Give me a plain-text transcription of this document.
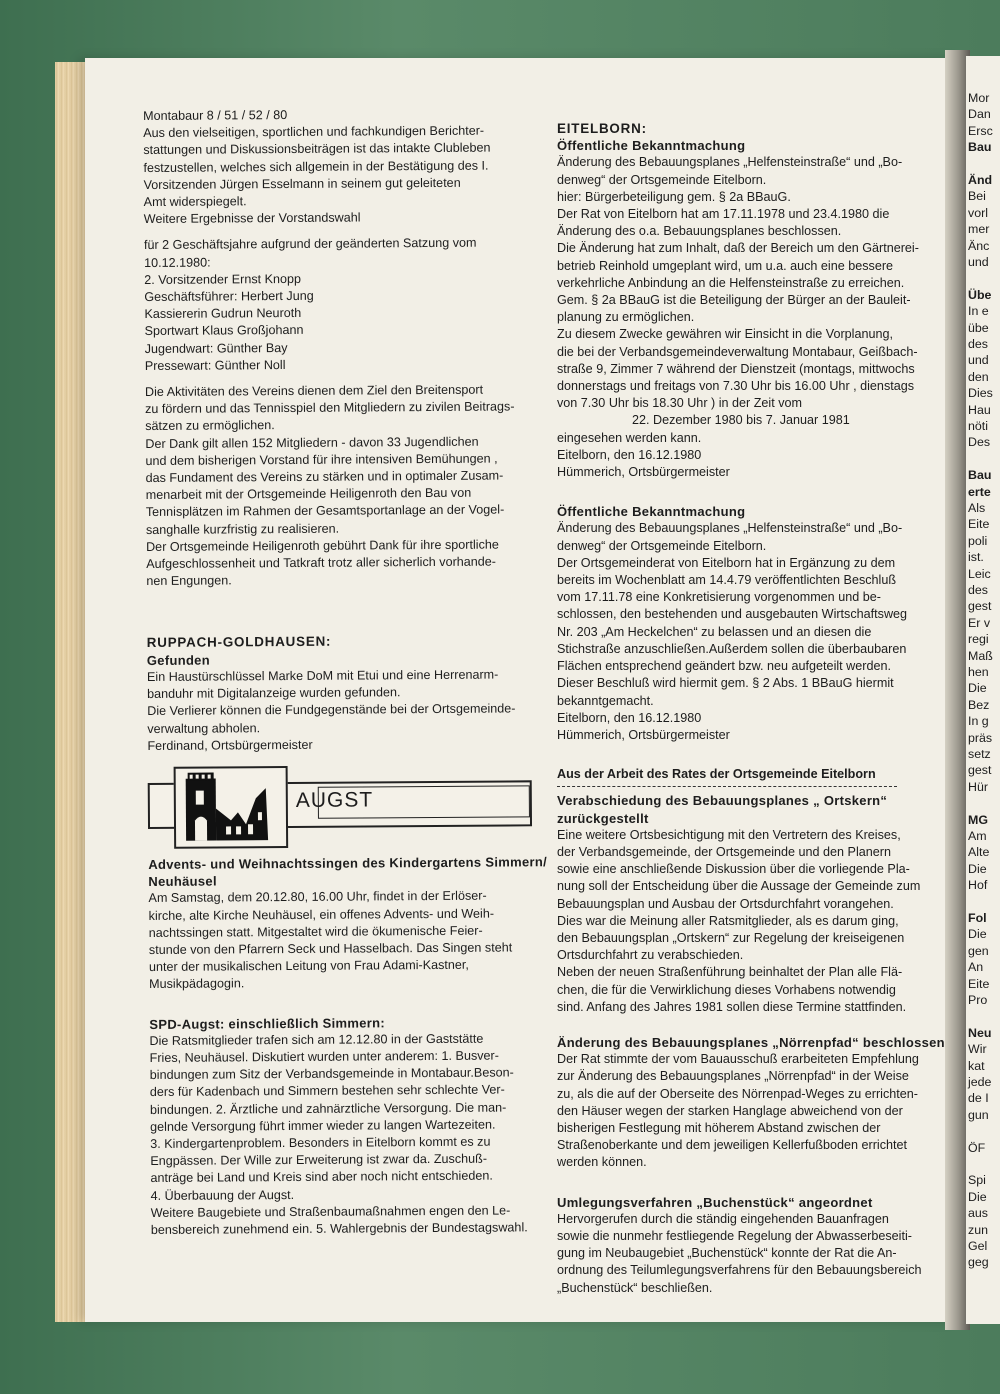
Mor
Dan
Ersc
Bau
Änd
Bei
vorl
mer
Änc
und
Übe
In e
übe
des
und
den
Dies
Hau
nöti
Des
Bau
erte
Als
Eite
poli
ist.
Leic
des
gest
Er v
regi
Maß
hen
Die
Bez
In g
präs
setz
gest
Hür
MG
Am
Alte
Die
Hof
Fol
Die
gen
An
Eite
Pro
Neu
Wir
kat
jede
de I
gun
ÖF
Spi
Die
aus
zun
Gel
geg

Montabaur 8 / 51 / 52 / 80

Aus den vielseitigen, sportlichen und fachkundigen Berichter-

stattungen und Diskussionsbeiträgen ist das intakte Clubleben

festzustellen, welches sich allgemein in der Bestätigung des I.

Vorsitzenden Jürgen Esselmann in seinem gut geleiteten

Amt widerspiegelt.

Weitere Ergebnisse der Vorstandswahl

für 2 Geschäftsjahre aufgrund der geänderten Satzung vom

10.12.1980:

2. Vorsitzender Ernst Knopp

Geschäftsführer: Herbert Jung

Kassiererin Gudrun Neuroth

Sportwart Klaus Großjohann

Jugendwart: Günther Bay

Pressewart: Günther Noll

Die Aktivitäten des Vereins dienen dem Ziel den Breitensport

zu fördern und das Tennisspiel den Mitgliedern zu zivilen Beitrags-

sätzen zu ermöglichen.

Der Dank gilt allen 152 Mitgliedern - davon 33 Jugendlichen

und dem bisherigen Vorstand für ihre intensiven Bemühungen ,

das Fundament des Vereins zu stärken und in optimaler Zusam-

menarbeit mit der Ortsgemeinde Heiligenroth den Bau von

Tennisplätzen im Rahmen der Gesamtsportanlage an der Vogel-

sanghalle kurzfristig zu realisieren.

Der Ortsgemeinde Heiligenroth gebührt Dank für ihre sportliche

Aufgeschlossenheit und Tatkraft trotz aller sicherlich vorhande-

nen Engungen.

RUPPACH-GOLDHAUSEN:

Gefunden

Ein Haustürschlüssel Marke DoM mit Etui und eine Herrenarm-

banduhr mit Digitalanzeige wurden gefunden.

Die Verlierer können die Fundgegenstände bei der Ortsgemeinde-

verwaltung abholen.

Ferdinand, Ortsbürgermeister

AUGST

Advents- und Weihnachtssingen des Kindergartens Simmern/

Neuhäusel

Am Samstag, dem 20.12.80, 16.00 Uhr, findet in der Erlöser-

kirche, alte Kirche Neuhäusel, ein offenes Advents- und Weih-

nachtssingen statt. Mitgestaltet wird die ökumenische Feier-

stunde von den Pfarrern Seck und Hasselbach. Das Singen steht

unter der musikalischen Leitung von Frau Adami-Kastner,

Musikpädagogin.

SPD-Augst: einschließlich Simmern:

Die Ratsmitglieder trafen sich am 12.12.80 in der Gaststätte

Fries, Neuhäusel. Diskutiert wurden unter anderem: 1. Busver-

bindungen zum Sitz der Verbandsgemeinde in Montabaur.Beson-

ders für Kadenbach und Simmern bestehen sehr schlechte Ver-

bindungen. 2. Ärztliche und zahnärztliche Versorgung. Die man-

gelnde Versorgung führt immer wieder zu langen Wartezeiten.

3. Kindergartenproblem. Besonders in Eitelborn kommt es zu

Engpässen. Der Wille zur Erweiterung ist zwar da. Zuschuß-

anträge bei Land und Kreis sind aber noch nicht entschieden.

4. Überbauung der Augst.

Weitere Baugebiete und Straßenbaumaßnahmen engen den Le-

bensbereich zunehmend ein. 5. Wahlergebnis der Bundestagswahl.

EITELBORN:

Öffentliche Bekanntmachung

Änderung des Bebauungsplanes „Helfensteinstraße“ und „Bo-

denweg“ der Ortsgemeinde Eitelborn.

hier: Bürgerbeteiligung gem. § 2a BBauG.

Der Rat von Eitelborn hat am 17.11.1978 und 23.4.1980 die

Änderung des o.a. Bebauungsplanes beschlossen.

Die Änderung hat zum Inhalt, daß der Bereich um den Gärtnerei-

betrieb Reinhold umgeplant wird, um u.a. auch eine bessere

verkehrliche Anbindung an die Helfensteinstraße zu erreichen.

Gem. § 2a BBauG ist die Beteiligung der Bürger an der Bauleit-

planung zu ermöglichen.

Zu diesem Zwecke gewähren wir Einsicht in die Vorplanung,

die bei der Verbandsgemeindeverwaltung Montabaur, Geißbach-

straße 9, Zimmer 7 während der Dienstzeit (montags, mittwochs

donnerstags und freitags von 7.30 Uhr bis 16.00 Uhr , dienstags

von 7.30 Uhr bis 18.30 Uhr ) in der Zeit vom

22. Dezember 1980 bis 7. Januar 1981

eingesehen werden kann.

Eitelborn, den 16.12.1980

Hümmerich, Ortsbürgermeister

Öffentliche Bekanntmachung

Änderung des Bebauungsplanes „Helfensteinstraße“ und „Bo-

denweg“ der Ortsgemeinde Eitelborn.

Der Ortsgemeinderat von Eitelborn hat in Ergänzung zu dem

bereits im Wochenblatt am 14.4.79 veröffentlichten Beschluß

vom 17.11.78 eine Konkretisierung vorgenommen und be-

schlossen, den bestehenden und ausgebauten Wirtschaftsweg

Nr. 203 „Am Heckelchen“ zu belassen und an diesen die

Stichstraße anzuschließen.Außerdem sollen die überbaubaren

Flächen entsprechend geändert bzw. neu aufgeteilt werden.

Dieser Beschluß wird hiermit gem. § 2 Abs. 1 BBauG hiermit

bekanntgemacht.

Eitelborn, den 16.12.1980

Hümmerich, Ortsbürgermeister

Aus der Arbeit des Rates der Ortsgemeinde Eitelborn

Verabschiedung des Bebauungsplanes „ Ortskern“

zurückgestellt

Eine weitere Ortsbesichtigung mit den Vertretern des Kreises,

der Verbandsgemeinde, der Ortsgemeinde und den Planern

sowie eine anschließende Diskussion über die vorliegende Pla-

nung soll der Entscheidung über die Aussage der Gemeinde zum

Bebauungsplan und Ausbau der Ortsdurchfahrt vorangehen.

Dies war die Meinung aller Ratsmitglieder, als es darum ging,

den Bebauungsplan „Ortskern“ zur Regelung der kreiseigenen

Ortsdurchfahrt zu verabschieden.

Neben der neuen Straßenführung beinhaltet der Plan alle Flä-

chen, die für die Verwirklichung dieses Vorhabens notwendig

sind. Anfang des Jahres 1981 sollen diese Termine stattfinden.

Änderung des Bebauungsplanes „Nörrenpfad“ beschlossen

Der Rat stimmte der vom Bauausschuß erarbeiteten Empfehlung

zur Änderung des Bebauungsplanes „Nörrenpfad“ in der Weise

zu, als die auf der Oberseite des Nörrenpad-Weges zu errichten-

den Häuser wegen der starken Hanglage abweichend von der

bisherigen Festlegung mit höherem Abstand zwischen der

Straßenoberkante und dem jeweiligen Kellerfußboden errichtet

werden können.

Umlegungsverfahren „Buchenstück“ angeordnet

Hervorgerufen durch die ständig eingehenden Bauanfragen

sowie die nunmehr festliegende Regelung der Abwasserbeseiti-

gung im Neubaugebiet „Buchenstück“ konnte der Rat die An-

ordnung des Teilumlegungsverfahrens für den Bebauungsbereich

„Buchenstück“ beschließen.
